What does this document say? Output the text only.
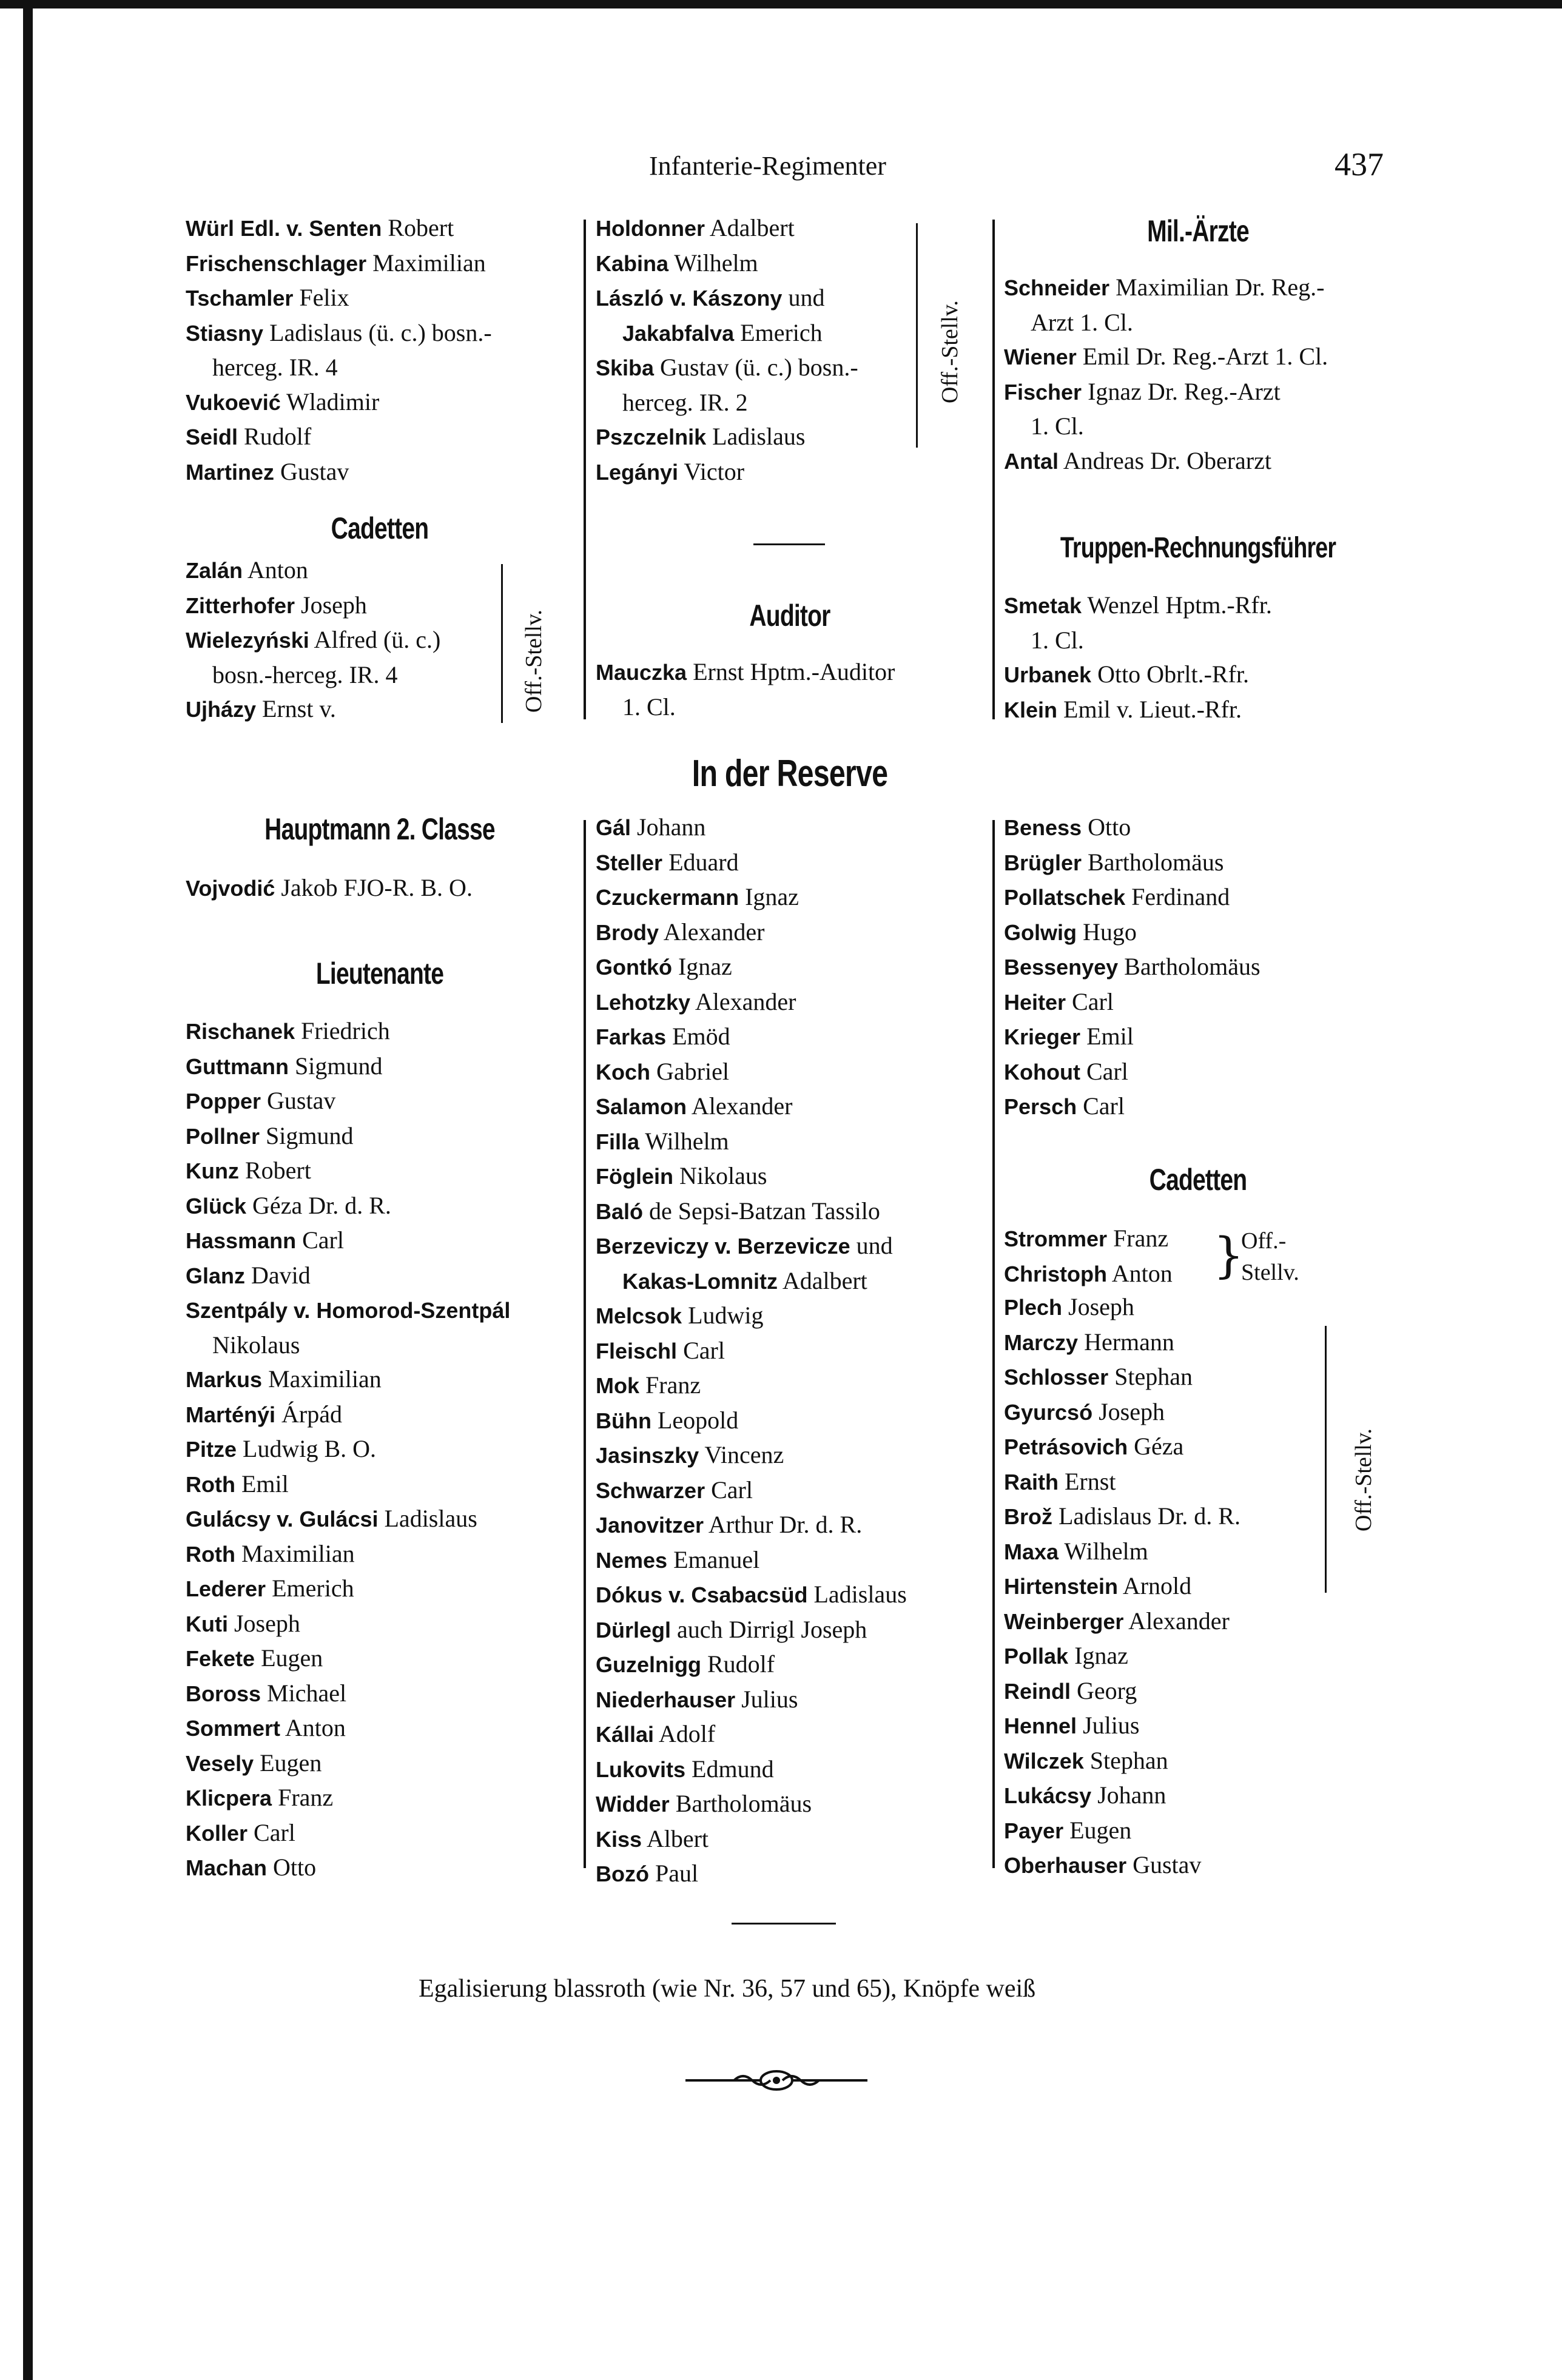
Infanterie-Regimenter	437
Würl Edl. v. Senten Robert
Frischenschlager Maximilian
Tschamler Felix
Stiasny Ladislaus (ü. c.) bosn.-
herceg. IR. 4
Vukoević Wladimir
Seidl Rudolf
Martinez Gustav
Cadetten
Zalán Anton
Zitterhofer Joseph
Wielezyński Alfred (ü. c.)
bosn.-herceg. IR. 4
Ujházy Ernst v.	Off.-Stellv.
Hauptmann 2. Classe
Vojvodić Jakob FJO-R. B. O.
Lieutenante
Rischanek Friedrich
Guttmann Sigmund
Popper Gustav
Pollner Sigmund
Kunz Robert
Glück Géza Dr. d. R.
Hassmann Carl
Glanz David
Szentpály v. Homorod-Szentpál
Nikolaus
Markus Maximilian
Marténýi Árpád
Pitze Ludwig B. O.
Roth Emil
Gulácsy v. Gulácsi Ladislaus
Roth Maximilian
Lederer Emerich
Kuti Joseph
Fekete Eugen
Boross Michael
Sommert Anton
Vesely Eugen
Klicpera Franz
Koller Carl
Machan Otto
Holdonner Adalbert
Kabina Wilhelm
László v. Kászony und
Jakabfalva Emerich
Skiba Gustav (ü. c.) bosn.-
herceg. IR. 2
Pszczelnik Ladislaus
Legányi Victor
Off.-Stellv.
Auditor
Mauczka Ernst Hptm.-Auditor
1. Cl.
In der Reserve
Gál Johann
Steller Eduard
Czuckermann Ignaz
Brody Alexander
Gontkó Ignaz
Lehotzky Alexander
Farkas Emöd
Koch Gabriel
Salamon Alexander
Filla Wilhelm
Föglein Nikolaus
Baló de Sepsi-Batzan Tassilo
Berzeviczy v. Berzevicze und
Kakas-Lomnitz Adalbert
Melcsok Ludwig
Fleischl Carl
Mok Franz
Bühn Leopold
Jasinszky Vincenz
Schwarzer Carl
Janovitzer Arthur Dr. d. R.
Nemes Emanuel
Dókus v. Csabacsüd Ladislaus
Dürlegl auch Dirrigl Joseph
Guzelnigg Rudolf
Niederhauser Julius
Kállai Adolf
Lukovits Edmund
Widder Bartholomäus
Kiss Albert
Bozó Paul
Mil.-Ärzte
Schneider Maximilian Dr. Reg.-
Arzt 1. Cl.
Wiener Emil Dr. Reg.-Arzt 1. Cl.
Fischer Ignaz Dr. Reg.-Arzt
1. Cl.
Antal Andreas Dr. Oberarzt
Truppen-Rechnungsführer
Smetak Wenzel Hptm.-Rfr.
1. Cl.
Urbanek Otto Obrlt.-Rfr.
Klein Emil v. Lieut.-Rfr.
Beness Otto
Brügler Bartholomäus
Pollatschek Ferdinand
Golwig Hugo
Bessenyey Bartholomäus
Heiter Carl
Krieger Emil
Kohout Carl
Persch Carl
Cadetten
Strommer Franz
Christoph Anton }
Off.- Stellv.
Plech Joseph
Marczy Hermann
Schlosser Stephan
Gyurcsó Joseph
Petrásovich Géza
Raith Ernst
Brož Ladislaus Dr. d. R.
Maxa Wilhelm
Hirtenstein Arnold
Weinberger Alexander
Pollak Ignaz
Reindl Georg
Hennel Julius
Wilczek Stephan
Lukácsy Johann
Payer Eugen
Oberhauser Gustav
Off.-Stellv.
Egalisierung blassroth (wie Nr. 36, 57 und 65), Knöpfe weiß
